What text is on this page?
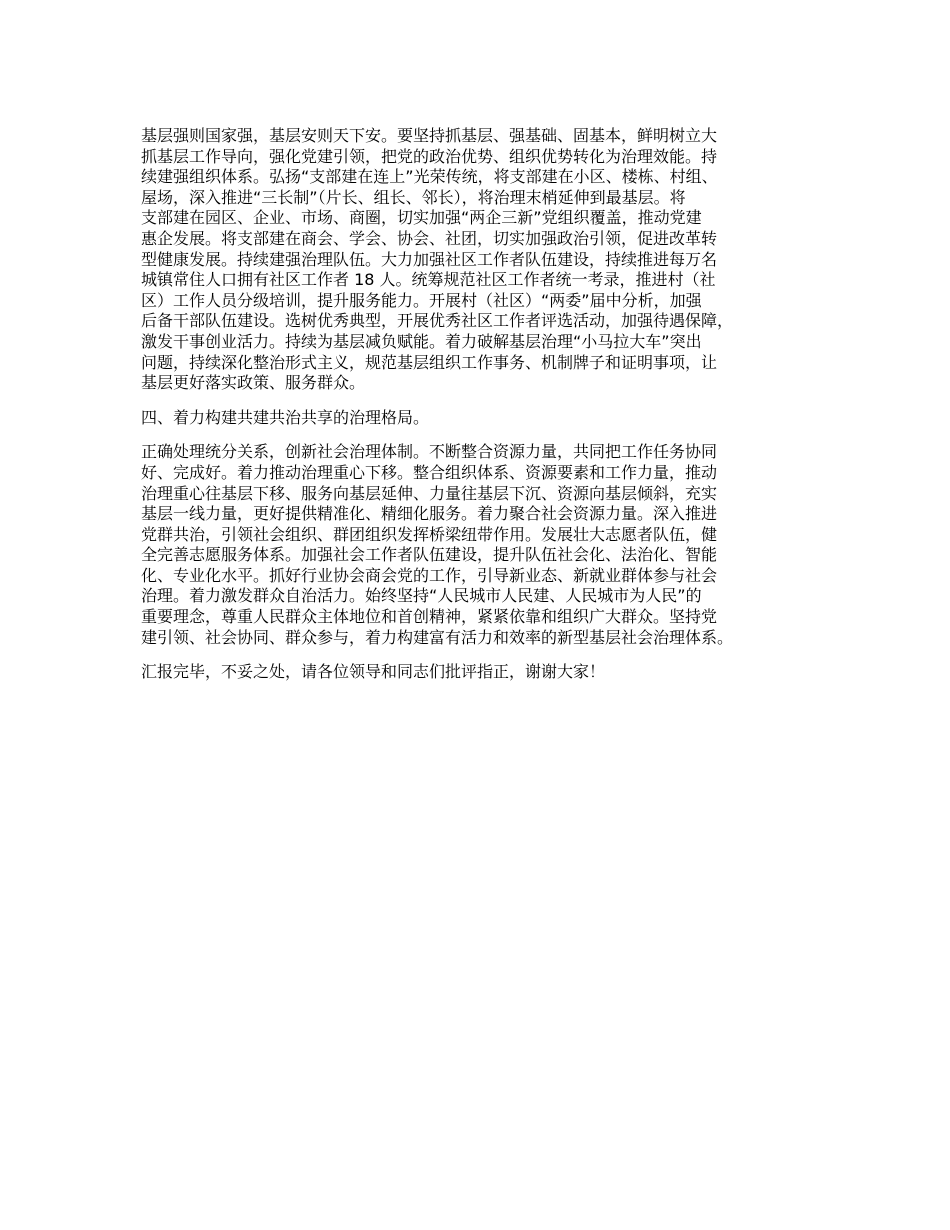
基层强则国家强，基层安则天下安。要坚持抓基层、强基础、固基本，鲜明树立大
抓基层工作导向，强化党建引领，把党的政治优势、组织优势转化为治理效能。持
续建强组织体系。弘扬“支部建在连上”光荣传统，将支部建在小区、楼栋、村组、
屋场，深入推进“三长制”（片长、组长、邻长），将治理末梢延伸到最基层。将
支部建在园区、企业、市场、商圈，切实加强“两企三新”党组织覆盖，推动党建
惠企发展。将支部建在商会、学会、协会、社团，切实加强政治引领，促进改革转
型健康发展。持续建强治理队伍。大力加强社区工作者队伍建设，持续推进每万名
城镇常住人口拥有社区工作者 18 人。统筹规范社区工作者统一考录，推进村（社
区）工作人员分级培训，提升服务能力。开展村（社区）“两委”届中分析，加强
后备干部队伍建设。选树优秀典型，开展优秀社区工作者评选活动，加强待遇保障，
激发干事创业活力。持续为基层减负赋能。着力破解基层治理“小马拉大车”突出
问题，持续深化整治形式主义，规范基层组织工作事务、机制牌子和证明事项，让
基层更好落实政策、服务群众。
四、着力构建共建共治共享的治理格局。
正确处理统分关系，创新社会治理体制。不断整合资源力量，共同把工作任务协同
好、完成好。着力推动治理重心下移。整合组织体系、资源要素和工作力量，推动
治理重心往基层下移、服务向基层延伸、力量往基层下沉、资源向基层倾斜，充实
基层一线力量，更好提供精准化、精细化服务。着力聚合社会资源力量。深入推进
党群共治，引领社会组织、群团组织发挥桥梁纽带作用。发展壮大志愿者队伍，健
全完善志愿服务体系。加强社会工作者队伍建设，提升队伍社会化、法治化、智能
化、专业化水平。抓好行业协会商会党的工作，引导新业态、新就业群体参与社会
治理。着力激发群众自治活力。始终坚持“人民城市人民建、人民城市为人民”的
重要理念，尊重人民群众主体地位和首创精神，紧紧依靠和组织广大群众。坚持党
建引领、社会协同、群众参与，着力构建富有活力和效率的新型基层社会治理体系。
汇报完毕，不妥之处，请各位领导和同志们批评指正，谢谢大家！
